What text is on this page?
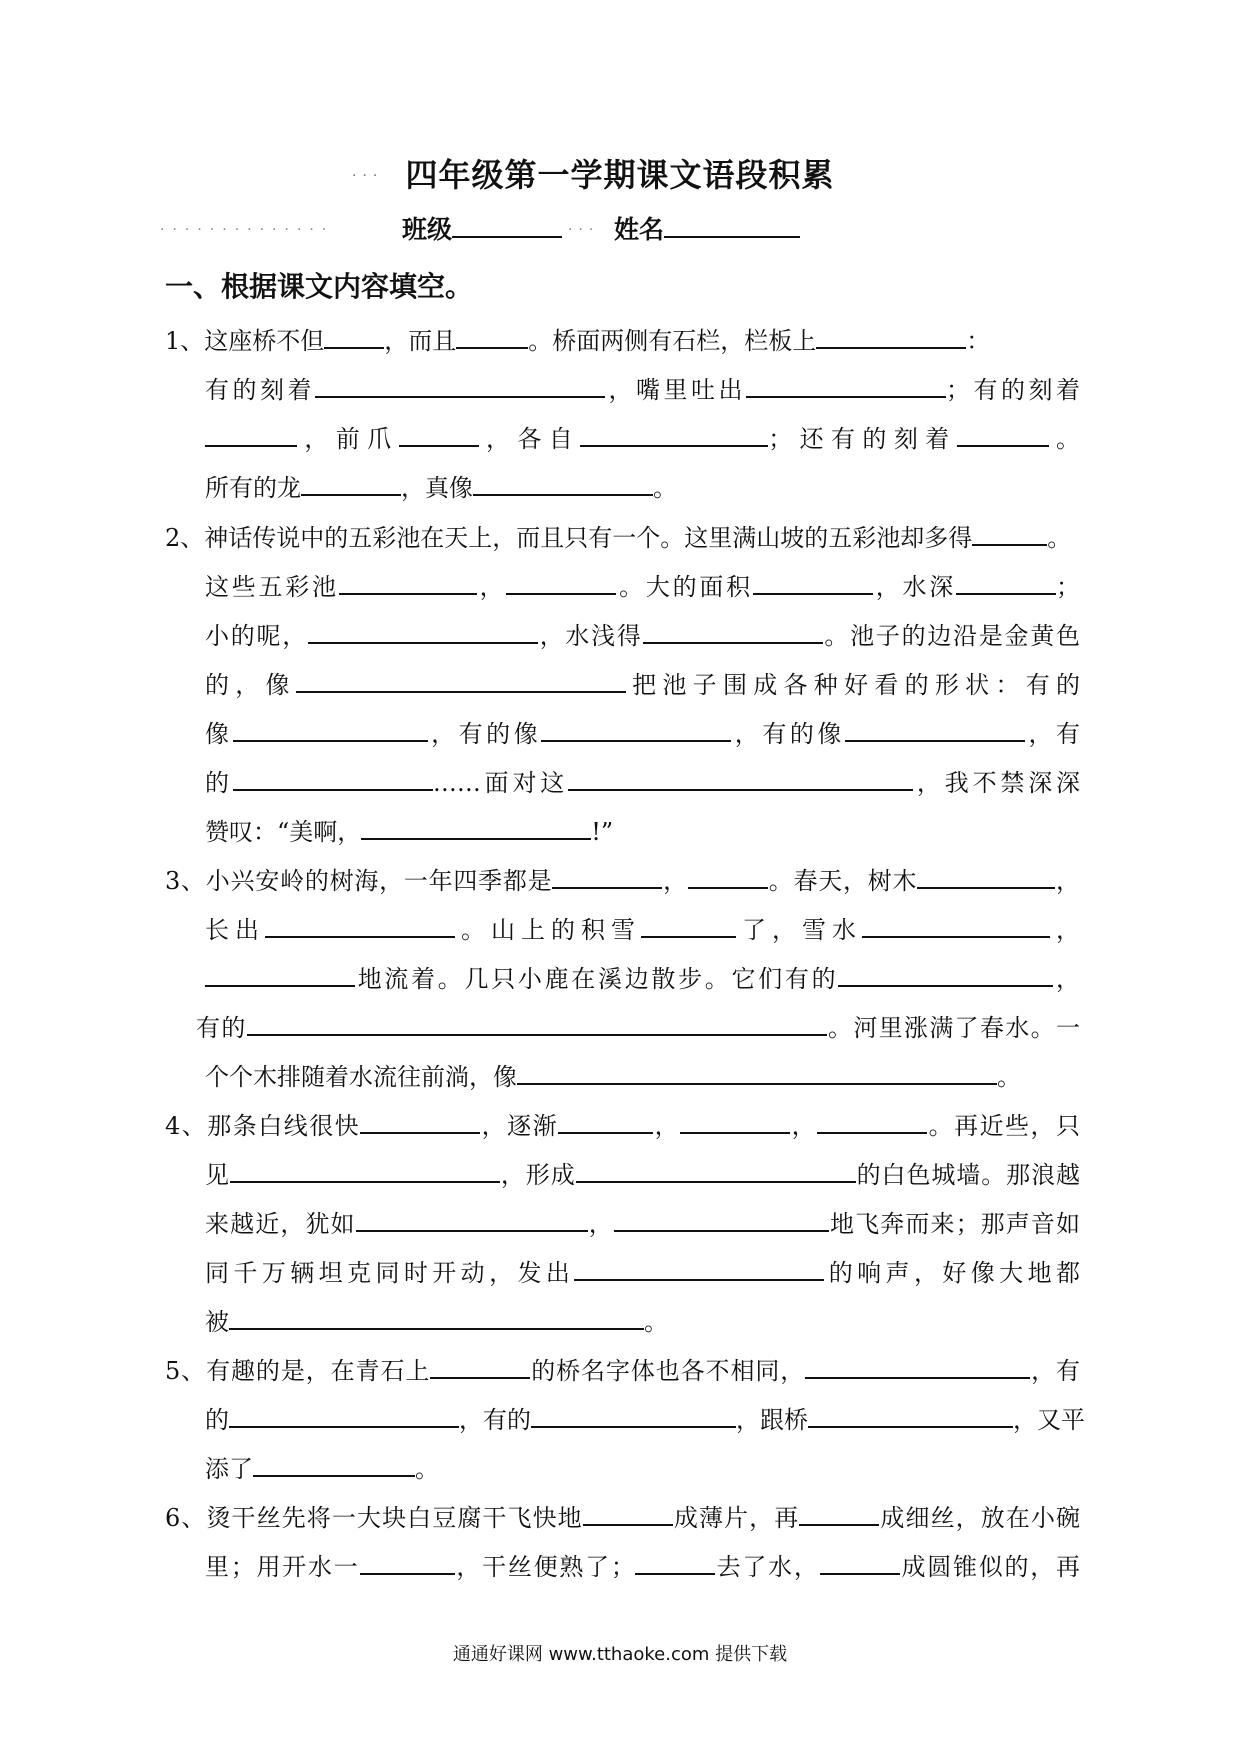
··· 四年级第一学期课文语段积累
··············	班级	··· 姓名
一、根据课文内容填空。
1、这座桥不但	，而且	。桥面两侧有石栏，栏板上	：
有的刻着	，嘴里吐出	；有的刻着
，前爪	，各自	；还有的刻着	。
所有的龙	，真像	。
2、神话传说中的五彩池在天上，而且只有一个。这里满山坡的五彩池却多得	。
这些五彩池	，	。大的面积	，水深	；
小的呢，	，水浅得	。池子的边沿是金黄色
的，像	把池子围成各种好看的形状：有的
像	，有的像	，有的像	，有
的	……面对这	，我不禁深深
赞叹：“美啊，	!”
3、小兴安岭的树海，一年四季都是	，	。春天，树木	，
长出	。山上的积雪	了，雪水	，
地流着。几只小鹿在溪边散步。它们有的	，
有的	。河里涨满了春水。一
个个木排随着水流往前淌，像	。
4、那条白线很快	，逐渐	，	，	。再近些，只
见	，形成	的白色城墙。那浪越
来越近，犹如	，	地飞奔而来；那声音如
同千万辆坦克同时开动，发出	的响声，好像大地都
被	。
5、有趣的是，在青石上	的桥名字体也各不相同，	，有
的	，有的	，跟桥	，又平
添了	。
6、烫干丝先将一大块白豆腐干飞快地	成薄片，再	成细丝，放在小碗
里；用开水一	，干丝便熟了；	去了水，	成圆锥似的，再
通通好课网 www.tthaoke.com 提供下载
